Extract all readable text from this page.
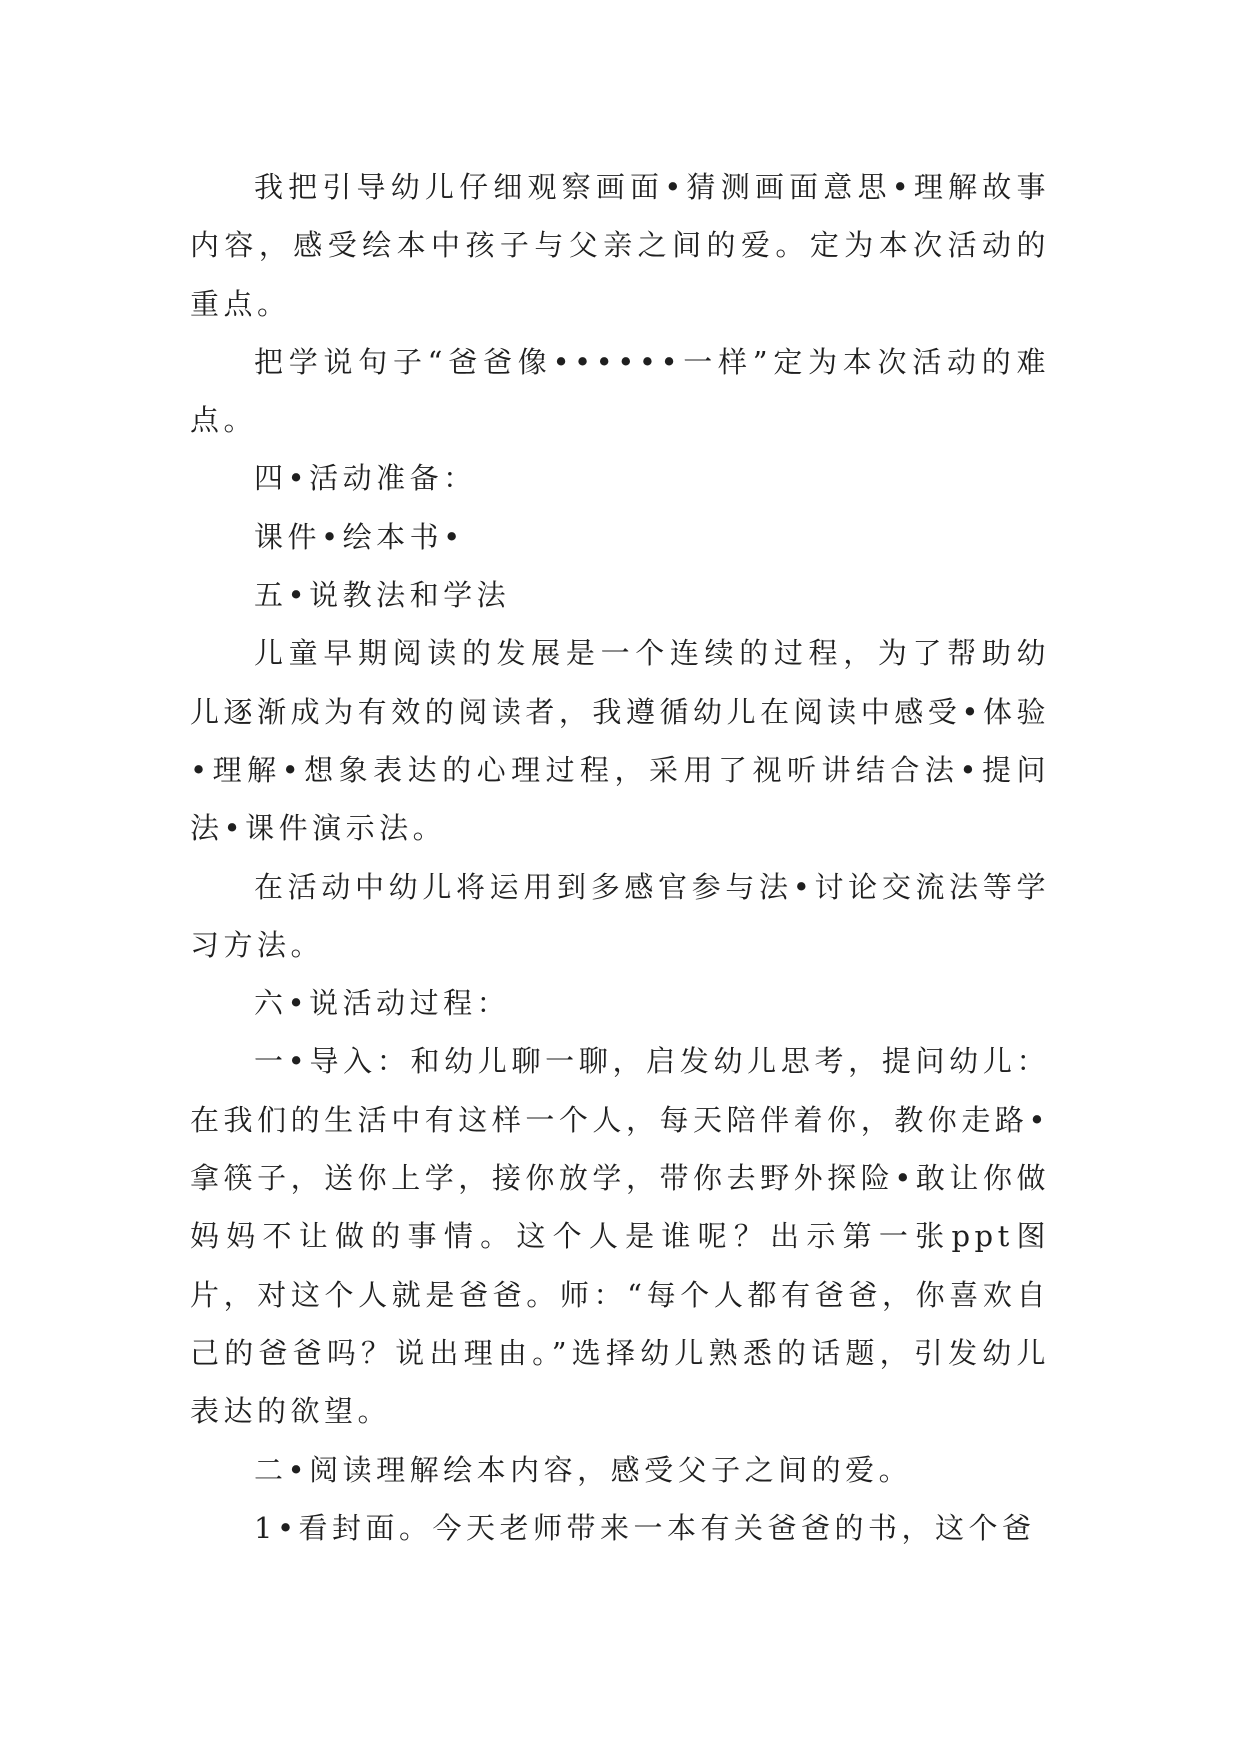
我把引导幼儿仔细观察画面•猜测画面意思•理解故事内容，感受绘本中孩子与父亲之间的爱。定为本次活动的重点。

把学说句子“爸爸像••••••一样”定为本次活动的难点。

四•活动准备：

课件•绘本书•

五•说教法和学法

儿童早期阅读的发展是一个连续的过程，为了帮助幼儿逐渐成为有效的阅读者，我遵循幼儿在阅读中感受•体验•理解•想象表达的心理过程，采用了视听讲结合法•提问法•课件演示法。

在活动中幼儿将运用到多感官参与法•讨论交流法等学习方法。

六•说活动过程：

一•导入：和幼儿聊一聊，启发幼儿思考，提问幼儿：在我们的生活中有这样一个人，每天陪伴着你，教你走路•拿筷子，送你上学，接你放学，带你去野外探险•敢让你做妈妈不让做的事情。这个人是谁呢？出示第一张ppt图片，对这个人就是爸爸。师：“每个人都有爸爸，你喜欢自己的爸爸吗？说出理由。”选择幼儿熟悉的话题，引发幼儿表达的欲望。

二•阅读理解绘本内容，感受父子之间的爱。

1•看封面。今天老师带来一本有关爸爸的书，这个爸
